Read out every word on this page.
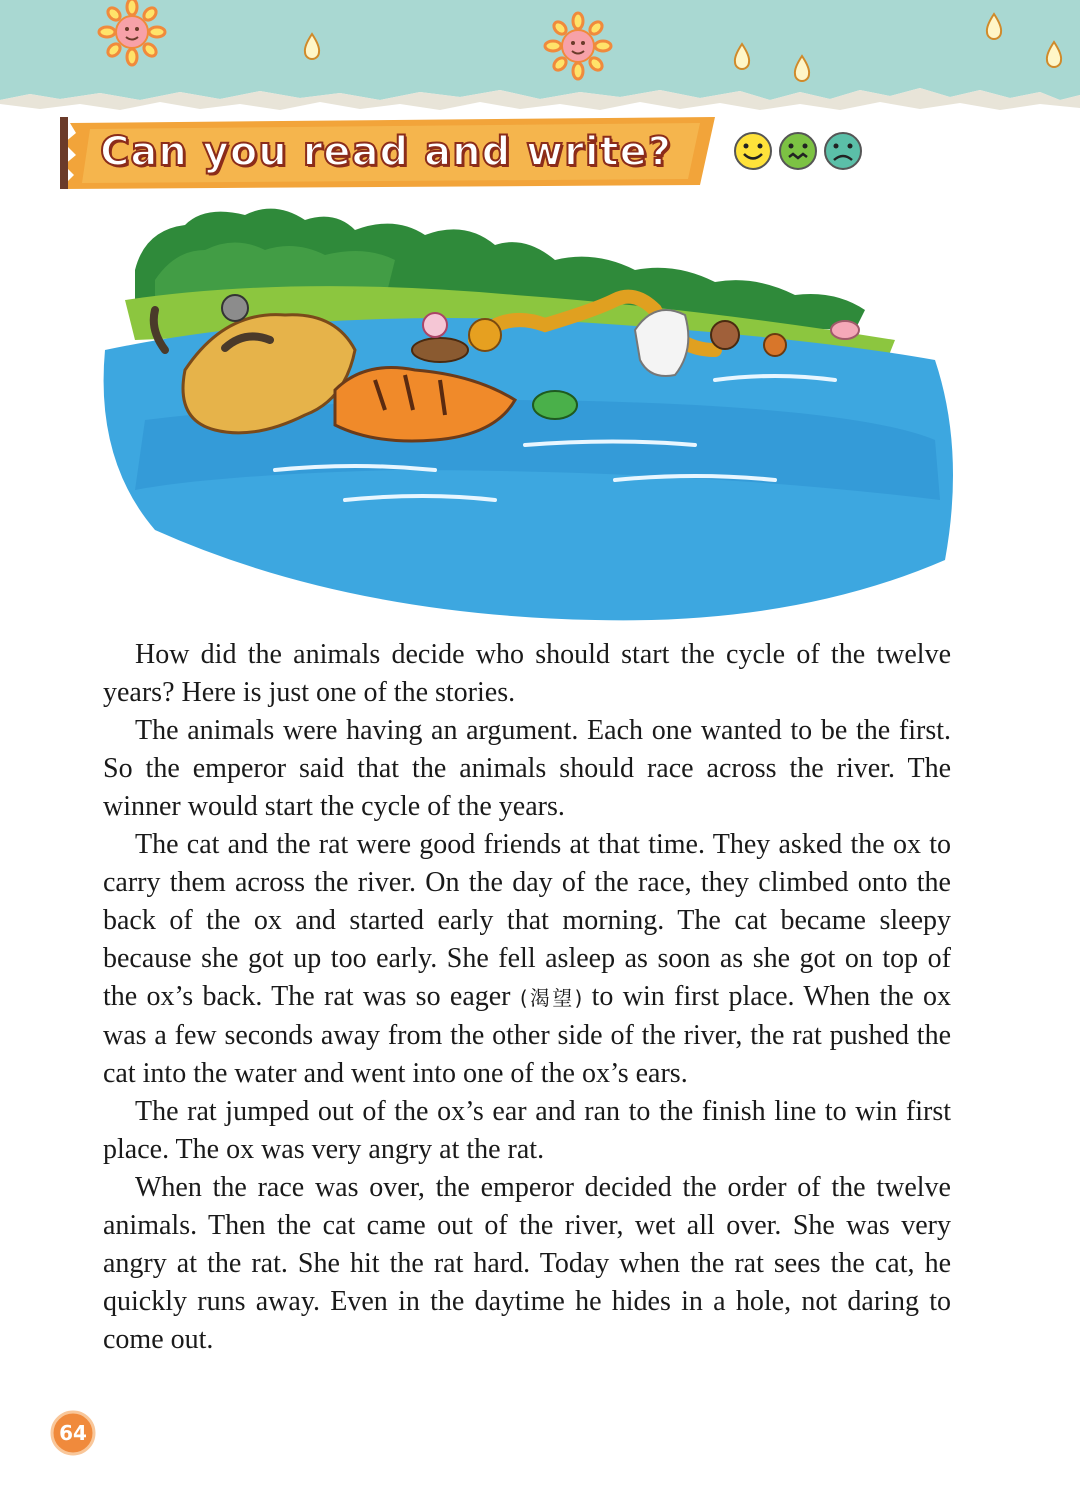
Can you read and write?

How did the animals decide who should start the cycle of the twelve years? Here is just one of the stories.

The animals were having an argument. Each one wanted to be the first. So the emperor said that the animals should race across the river. The winner would start the cycle of the years.

The cat and the rat were good friends at that time. They asked the ox to carry them across the river. On the day of the race, they climbed onto the back of the ox and started early that morning. The cat became sleepy because she got up too early. She fell asleep as soon as she got on top of the ox’s back. The rat was so eager (渴望) to win first place. When the ox was a few seconds away from the other side of the river, the rat pushed the cat into the water and went into one of the ox’s ears.

The rat jumped out of the ox’s ear and ran to the finish line to win first place. The ox was very angry at the rat.

When the race was over, the emperor decided the order of the twelve animals. Then the cat came out of the river, wet all over. She was very angry at the rat. She hit the rat hard. Today when the rat sees the cat, he quickly runs away. Even in the daytime he hides in a hole, not daring to come out.

64
